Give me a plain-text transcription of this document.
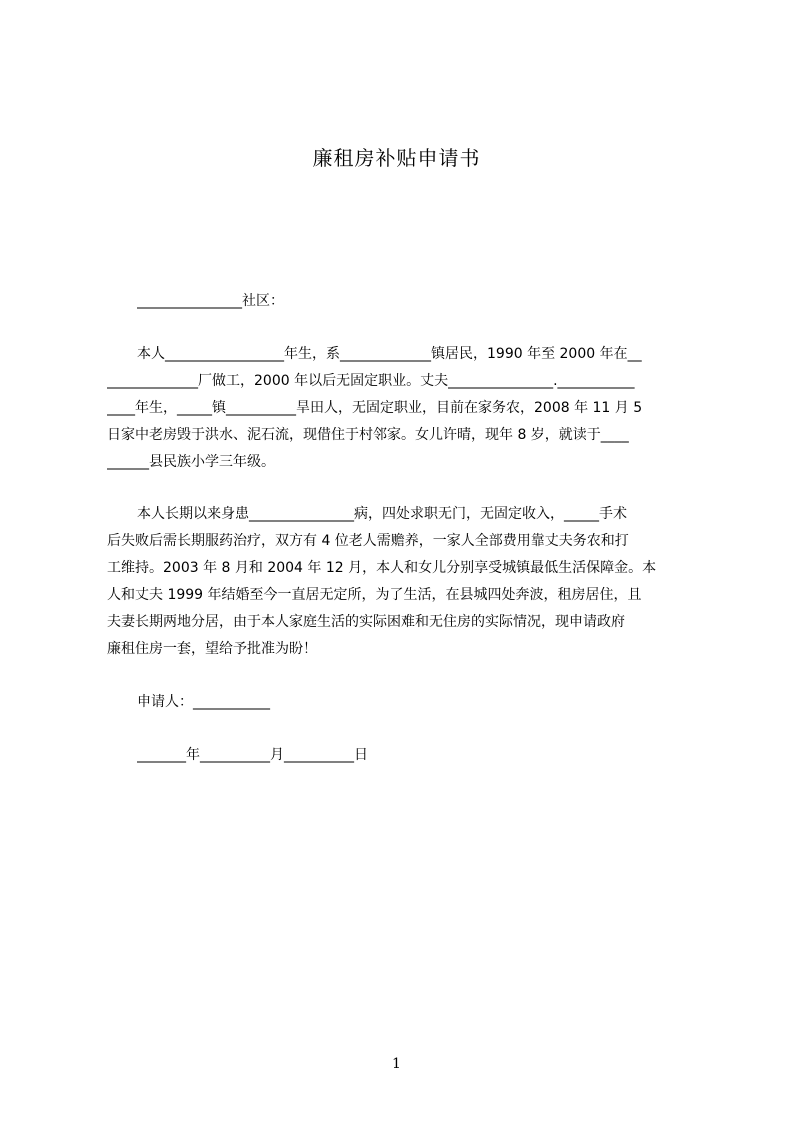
廉租房补贴申请书
_______________社区：
本人_________________年生，系_____________镇居民，1990 年至 2000 年在__
_____________厂做工，2000 年以后无固定职业。丈夫_______________.___________
____年生，_____镇__________旱田人，无固定职业，目前在家务农，2008 年 11 月 5
日家中老房毁于洪水、泥石流，现借住于村邻家。女儿许晴，现年 8 岁，就读于____
______县民族小学三年级。
本人长期以来身患_______________病，四处求职无门，无固定收入，_____手术
后失败后需长期服药治疗，双方有 4 位老人需赡养，一家人全部费用靠丈夫务农和打
工维持。2003 年 8 月和 2004 年 12 月，本人和女儿分别享受城镇最低生活保障金。本
人和丈夫 1999 年结婚至今一直居无定所，为了生活，在县城四处奔波，租房居住，且
夫妻长期两地分居，由于本人家庭生活的实际困难和无住房的实际情况，现申请政府
廉租住房一套，望给予批准为盼！
申请人：___________
_______年__________月__________日
1
